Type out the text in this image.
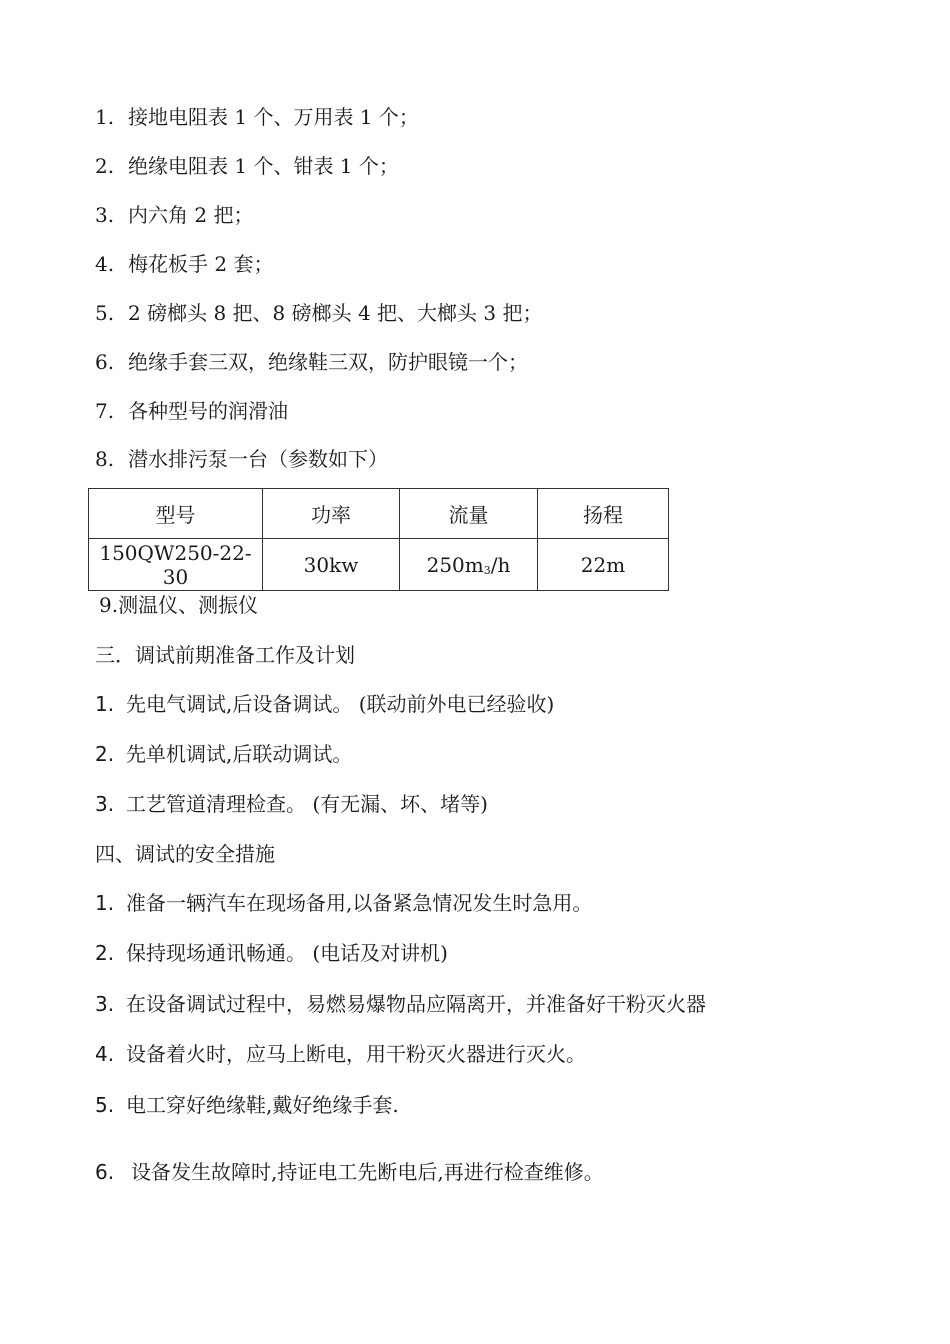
1. 接地电阻表 1 个、万用表 1 个；
2. 绝缘电阻表 1 个、钳表 1 个；
3. 内六角 2 把；
4. 梅花板手 2 套；
5. 2 磅榔头 8 把、8 磅榔头 4 把、大榔头 3 把；
6. 绝缘手套三双，绝缘鞋三双，防护眼镜一个；
7. 各种型号的润滑油
8. 潜水排污泵一台（参数如下）
型号	功率	流量	扬程
150QW250-22-30	30kw	$250m_3/h$	22m
9.测温仪、测振仪
三．调试前期准备工作及计划
1. 先电气调试,后设备调试。 (联动前外电已经验收)
2. 先单机调试,后联动调试。
3. 工艺管道清理检查。 (有无漏、坏、堵等)
四、调试的安全措施
1. 准备一辆汽车在现场备用,以备紧急情况发生时急用。
2. 保持现场通讯畅通。 (电话及对讲机)
3. 在设备调试过程中，易燃易爆物品应隔离开，并准备好干粉灭火器
4. 设备着火时，应马上断电，用干粉灭火器进行灭火。
5. 电工穿好绝缘鞋,戴好绝缘手套.
6. 设备发生故障时,持证电工先断电后,再进行检查维修。
